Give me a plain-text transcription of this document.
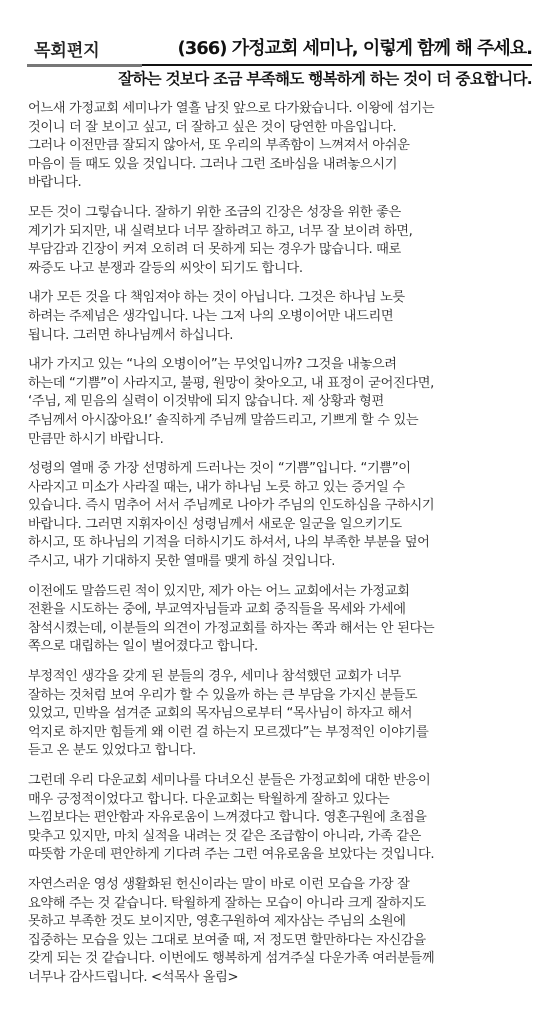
목회편지	(366) 가정교회 세미나, 이렇게 함께 해 주세요.
잘하는 것보다 조금 부족해도 행복하게 하는 것이 더 중요합니다.

어느새 가정교회 세미나가 열흘 남짓 앞으로 다가왔습니다. 이왕에 섬기는
것이니 더 잘 보이고 싶고, 더 잘하고 싶은 것이 당연한 마음입니다.
그러나 이전만큼 잘되지 않아서, 또 우리의 부족함이 느껴져서 아쉬운
마음이 들 때도 있을 것입니다. 그러나 그런 조바심을 내려놓으시기
바랍니다.

모든 것이 그렇습니다. 잘하기 위한 조금의 긴장은 성장을 위한 좋은
계기가 되지만, 내 실력보다 너무 잘하려고 하고, 너무 잘 보이려 하면,
부담감과 긴장이 커져 오히려 더 못하게 되는 경우가 많습니다. 때로
짜증도 나고 분쟁과 갈등의 씨앗이 되기도 합니다.

내가 모든 것을 다 책임져야 하는 것이 아닙니다. 그것은 하나님 노릇
하려는 주제넘은 생각입니다. 나는 그저 나의 오병이어만 내드리면
됩니다. 그러면 하나님께서 하십니다.

내가 가지고 있는 “나의 오병이어”는 무엇입니까? 그것을 내놓으려
하는데 “기쁨”이 사라지고, 불평, 원망이 찾아오고, 내 표정이 굳어진다면,
‘주님, 제 믿음의 실력이 이것밖에 되지 않습니다. 제 상황과 형편
주님께서 아시잖아요!’ 솔직하게 주님께 말씀드리고, 기쁘게 할 수 있는
만큼만 하시기 바랍니다.

성령의 열매 중 가장 선명하게 드러나는 것이 “기쁨”입니다. “기쁨”이
사라지고 미소가 사라질 때는, 내가 하나님 노릇 하고 있는 증거일 수
있습니다. 즉시 멈추어 서서 주님께로 나아가 주님의 인도하심을 구하시기
바랍니다. 그러면 지휘자이신 성령님께서 새로운 일군을 일으키기도
하시고, 또 하나님의 기적을 더하시기도 하셔서, 나의 부족한 부분을 덮어
주시고, 내가 기대하지 못한 열매를 맺게 하실 것입니다.

이전에도 말씀드린 적이 있지만, 제가 아는 어느 교회에서는 가정교회
전환을 시도하는 중에, 부교역자님들과 교회 중직들을 목세와 가세에
참석시켰는데, 이분들의 의견이 가정교회를 하자는 쪽과 해서는 안 된다는
쪽으로 대립하는 일이 벌어졌다고 합니다.

부정적인 생각을 갖게 된 분들의 경우, 세미나 참석했던 교회가 너무
잘하는 것처럼 보여 우리가 할 수 있을까 하는 큰 부담을 가지신 분들도
있었고, 민박을 섬겨준 교회의 목자님으로부터 “목사님이 하자고 해서
억지로 하지만 힘들게 왜 이런 걸 하는지 모르겠다”는 부정적인 이야기를
듣고 온 분도 있었다고 합니다.

그런데 우리 다운교회 세미나를 다녀오신 분들은 가정교회에 대한 반응이
매우 긍정적이었다고 합니다. 다운교회는 탁월하게 잘하고 있다는
느낌보다는 편안함과 자유로움이 느껴졌다고 합니다. 영혼구원에 초점을
맞추고 있지만, 마치 실적을 내려는 것 같은 조급함이 아니라, 가족 같은
따뜻함 가운데 편안하게 기다려 주는 그런 여유로움을 보았다는 것입니다.

자연스러운 영성 생활화된 헌신이라는 말이 바로 이런 모습을 가장 잘
요약해 주는 것 같습니다. 탁월하게 잘하는 모습이 아니라 크게 잘하지도
못하고 부족한 것도 보이지만, 영혼구원하여 제자삼는 주님의 소원에
집중하는 모습을 있는 그대로 보여줄 때, 저 정도면 할만하다는 자신감을
갖게 되는 것 같습니다. 이번에도 행복하게 섬겨주실 다운가족 여러분들께
너무나 감사드립니다. <석목사 올림>
